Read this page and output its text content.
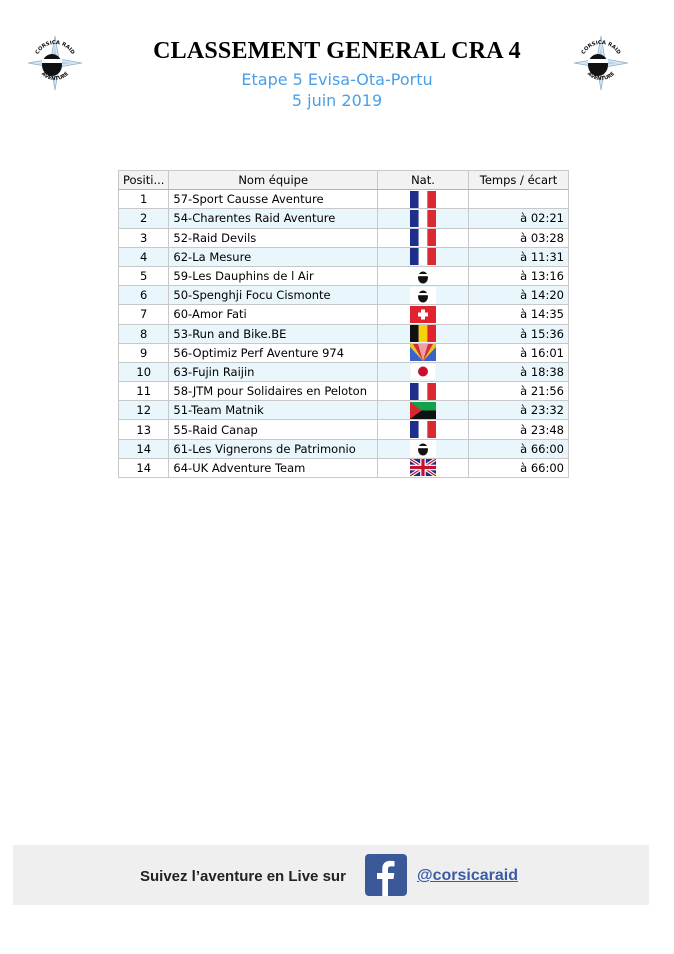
CORSICA RAID
AVENTURE
CORSICA RAID
AVENTURE
CLASSEMENT GENERAL CRA 4
Etape 5 Evisa-Ota-Portu
5 juin 2019
Positi...	Nom équipe	Nat.	Temps / écart
1	57-Sport Causse Aventure	

2	54-Charentes Raid Aventure		à 02:21
3	52-Raid Devils		à 03:28
4	62-La Mesure		à 11:31
5	59-Les Dauphins de l Air		à 13:16
6	50-Spenghji Focu Cismonte		à 14:20
7	60-Amor Fati		à 14:35
8	53-Run and Bike.BE		à 15:36
9	56-Optimiz Perf Aventure 974		à 16:01
10	63-Fujin Raijin		à 18:38
11	58-JTM pour Solidaires en Peloton		à 21:56
12	51-Team Matnik		à 23:32
13	55-Raid Canap		à 23:48
14	61-Les Vignerons de Patrimonio		à 66:00
14	64-UK Adventure Team		à 66:00
Suivez l’aventure en Live sur	@corsicaraid
